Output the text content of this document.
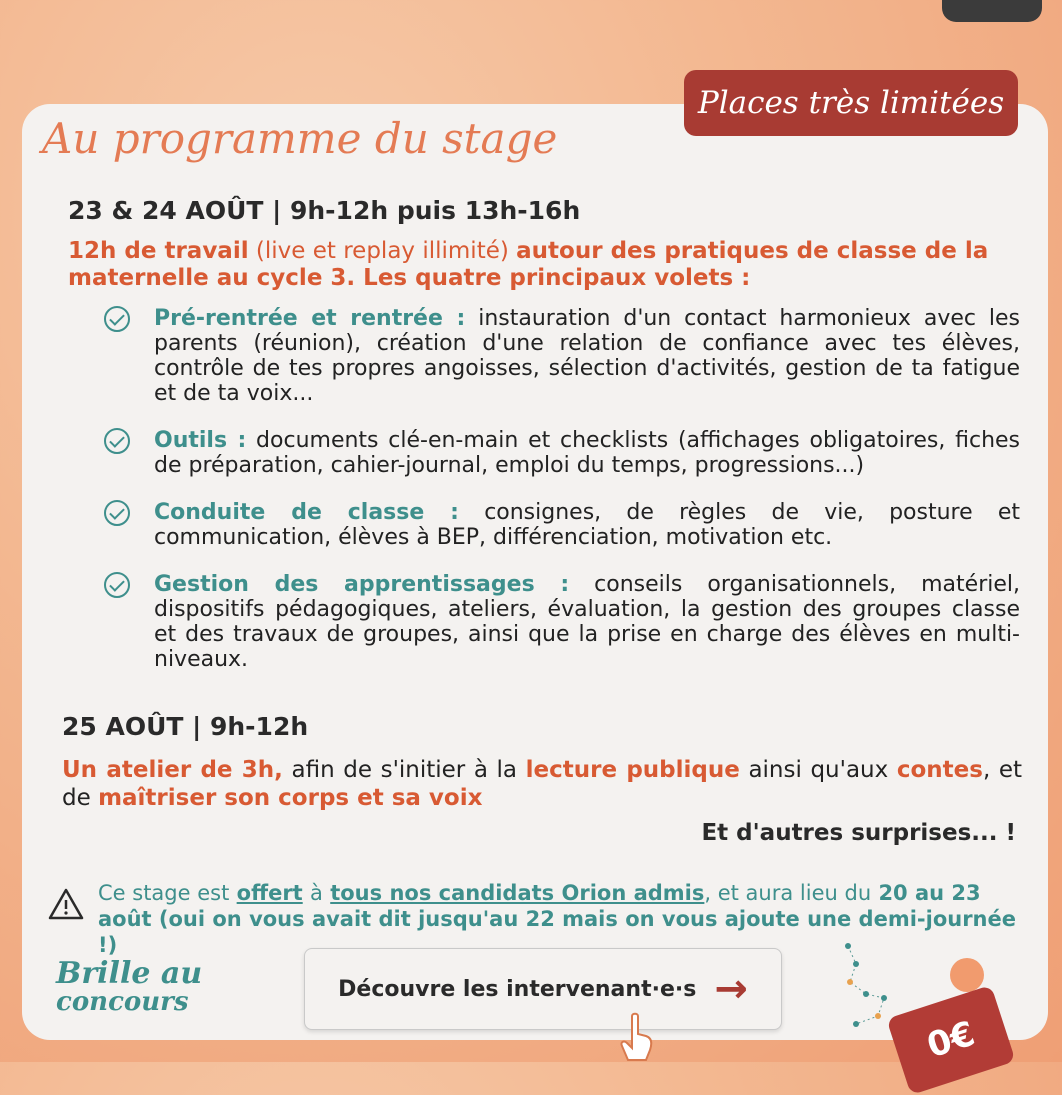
Places très limitées
Au programme du stage
23 & 24 AOÛT | 9h-12h puis 13h-16h
12h de travail (live et replay illimité) autour des pratiques de classe de la maternelle au cycle 3. Les quatre principaux volets :
Pré-rentrée et rentrée : instauration d'un contact harmonieux avec les parents (réunion), création d'une relation de confiance avec tes élèves, contrôle de tes propres angoisses, sélection d'activités, gestion de ta fatigue et de ta voix...
Outils : documents clé-en-main et checklists (affichages obligatoires, fiches de préparation, cahier-journal, emploi du temps, progressions...)
Conduite de classe : consignes, de règles de vie, posture et communication, élèves à BEP, différenciation, motivation etc.
Gestion des apprentissages : conseils organisationnels, matériel, dispositifs pédagogiques, ateliers, évaluation, la gestion des groupes classe et des travaux de groupes, ainsi que la prise en charge des élèves en multi-niveaux.
25 AOÛT | 9h-12h
Un atelier de 3h, afin de s'initier à la lecture publique ainsi qu'aux contes, et de maîtriser son corps et sa voix
Et d'autres surprises... !
Ce stage est offert à tous nos candidats Orion admis, et aura lieu du 20 au 23 août (oui on vous avait dit jusqu'au 22 mais on vous ajoute une demi-journée !)
Brille au
concours	Découvre les intervenant·e·s →
0€
